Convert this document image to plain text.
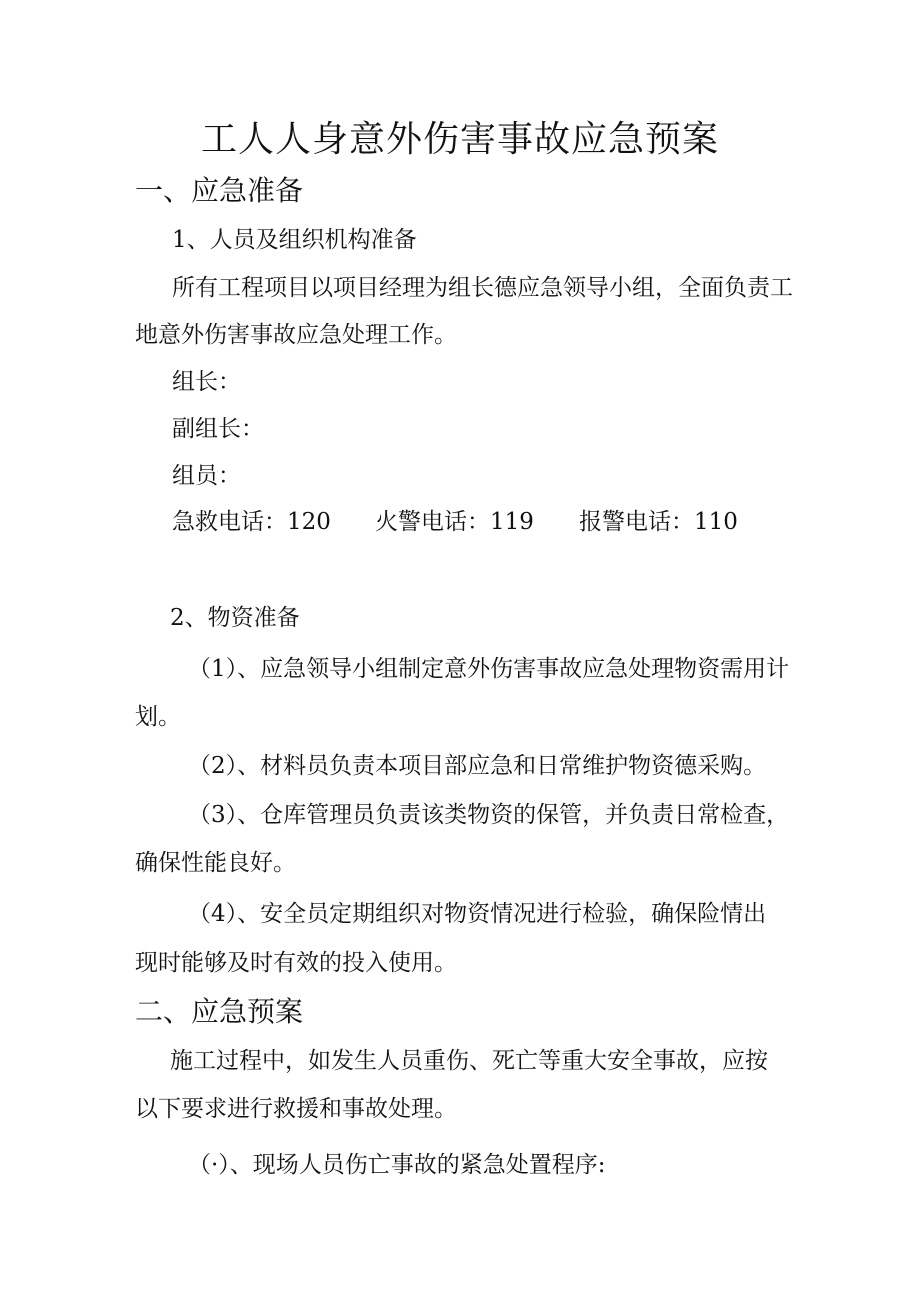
工人人身意外伤害事故应急预案
一、应急准备
1、人员及组织机构准备
所有工程项目以项目经理为组长德应急领导小组，全面负责工
地意外伤害事故应急处理工作。
组长：
副组长：
组员：
急救电话：120 火警电话：119 报警电话：110
2、物资准备
（1）、应急领导小组制定意外伤害事故应急处理物资需用计
划。
（2）、材料员负责本项目部应急和日常维护物资德采购。
（3）、仓库管理员负责该类物资的保管，并负责日常检查，
确保性能良好。
（4）、安全员定期组织对物资情况进行检验，确保险情出
现时能够及时有效的投入使用。
二、应急预案
施工过程中，如发生人员重伤、死亡等重大安全事故，应按
以下要求进行救援和事故处理。
（·）、现场人员伤亡事故的紧急处置程序:
